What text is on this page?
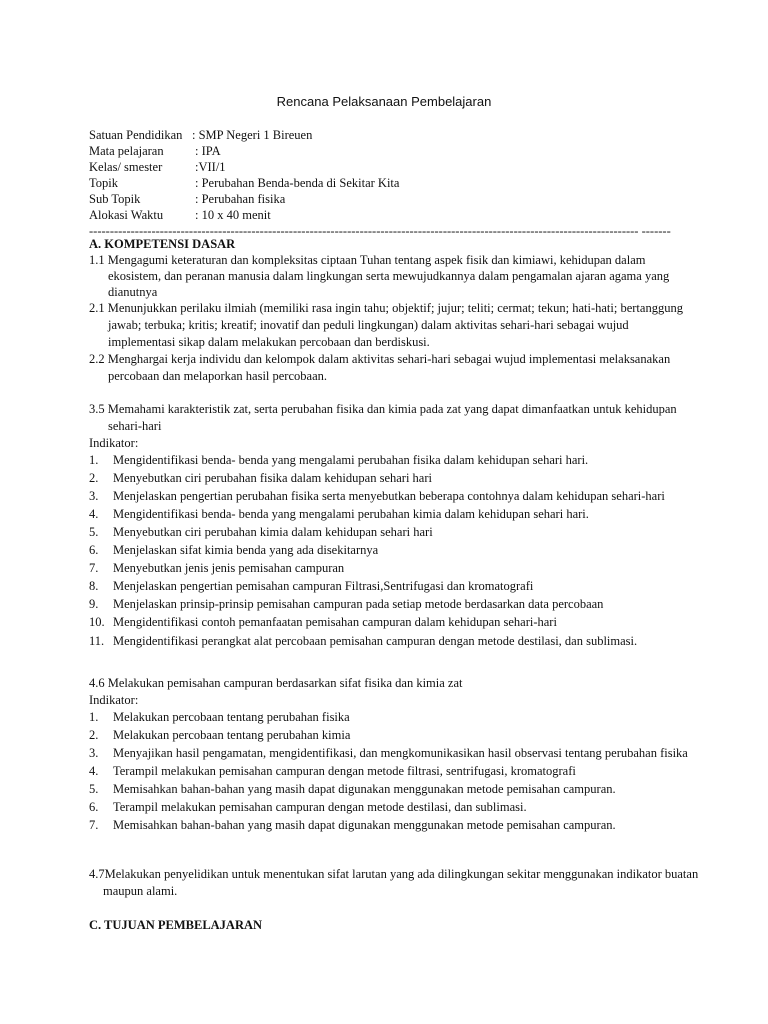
Rencana Pelaksanaan Pembelajaran
Satuan Pendidikan : SMP Negeri 1 Bireuen
Mata pelajaran	: IPA
Kelas/ smester	:VII/1
Topik	: Perubahan Benda-benda di Sekitar Kita
Sub Topik	: Perubahan fisika
Alokasi Waktu	: 10 x 40 menit
------------------------------------------------------------------------------------------------------------------------------------ -------
A. KOMPETENSI DASAR
1.1 Mengagumi keteraturan dan kompleksitas ciptaan Tuhan tentang aspek fisik dan kimiawi, kehidupan dalam ekosistem, dan peranan manusia dalam lingkungan serta mewujudkannya dalam pengamalan ajaran agama yang dianutnya
2.1 Menunjukkan perilaku ilmiah (memiliki rasa ingin tahu; objektif; jujur; teliti; cermat; tekun; hati-hati; bertanggung jawab; terbuka; kritis; kreatif; inovatif dan peduli lingkungan) dalam aktivitas sehari-hari sebagai wujud implementasi sikap dalam melakukan percobaan dan berdiskusi.
2.2 Menghargai kerja individu dan kelompok dalam aktivitas sehari-hari sebagai wujud implementasi melaksanakan percobaan dan melaporkan hasil percobaan.
3.5 Memahami karakteristik zat, serta perubahan fisika dan kimia pada zat yang dapat dimanfaatkan untuk kehidupan sehari-hari
Indikator:
1. Mengidentifikasi benda- benda yang mengalami perubahan fisika dalam kehidupan sehari hari.
2. Menyebutkan ciri perubahan fisika dalam kehidupan sehari hari
3. Menjelaskan pengertian perubahan fisika serta menyebutkan beberapa contohnya dalam kehidupan sehari-hari
4. Mengidentifikasi benda- benda yang mengalami perubahan kimia dalam kehidupan sehari hari.
5. Menyebutkan ciri perubahan kimia dalam kehidupan sehari hari
6. Menjelaskan sifat kimia benda yang ada disekitarnya
7. Menyebutkan jenis jenis pemisahan campuran
8. Menjelaskan pengertian pemisahan campuran Filtrasi,Sentrifugasi dan kromatografi
9. Menjelaskan prinsip-prinsip pemisahan campuran pada setiap metode berdasarkan data percobaan
10. Mengidentifikasi contoh pemanfaatan pemisahan campuran dalam kehidupan sehari-hari
11. Mengidentifikasi perangkat alat percobaan pemisahan campuran dengan metode destilasi, dan sublimasi.
4.6 Melakukan pemisahan campuran berdasarkan sifat fisika dan kimia zat
Indikator:
1. Melakukan percobaan tentang perubahan fisika
2. Melakukan percobaan tentang perubahan kimia
3. Menyajikan hasil pengamatan, mengidentifikasi, dan mengkomunikasikan hasil observasi tentang perubahan fisika
4. Terampil melakukan pemisahan campuran dengan metode filtrasi, sentrifugasi, kromatografi
5. Memisahkan bahan-bahan yang masih dapat digunakan menggunakan metode pemisahan campuran.
6. Terampil melakukan pemisahan campuran dengan metode destilasi, dan sublimasi.
7. Memisahkan bahan-bahan yang masih dapat digunakan menggunakan metode pemisahan campuran.
4.7Melakukan penyelidikan untuk menentukan sifat larutan yang ada dilingkungan sekitar menggunakan indikator buatan maupun alami.
C. TUJUAN PEMBELAJARAN
